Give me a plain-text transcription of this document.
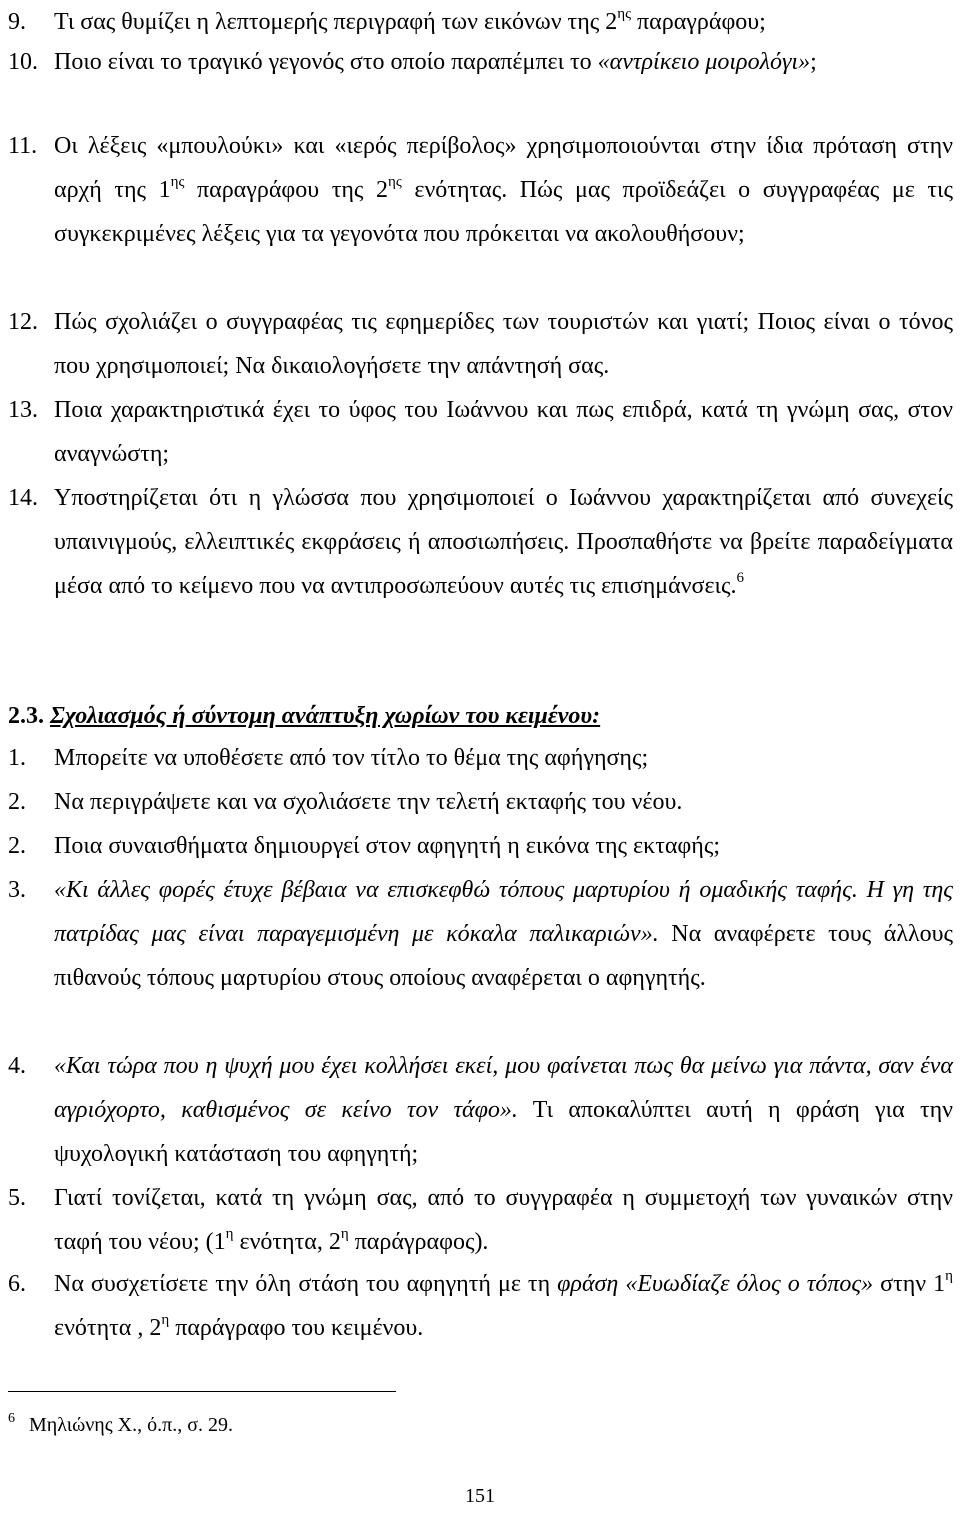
9.	Τι σας θυμίζει η λεπτομερής περιγραφή των εικόνων της $2^{\eta\varsigma}$ παραγράφου;
10. Ποιο είναι το τραγικό γεγονός στο οποίο παραπέμπει το «αντρίκειο μοιρολόγι»;
11. Οι λέξεις «μπουλούκι» και «ιερός περίβολος» χρησιμοποιούνται στην ίδια πρόταση στην αρχή της $1^{\eta\varsigma}$ παραγράφου της $2^{\eta\varsigma}$ ενότητας. Πώς μας προϊδεάζει ο συγγραφέας με τις συγκεκριμένες λέξεις για τα γεγονότα που πρόκειται να ακολουθήσουν;
12. Πώς σχολιάζει ο συγγραφέας τις εφημερίδες των τουριστών και γιατί; Ποιος είναι ο τόνος που χρησιμοποιεί; Να δικαιολογήσετε την απάντησή σας.
13. Ποια χαρακτηριστικά έχει το ύφος του Ιωάννου και πως επιδρά, κατά τη γνώμη σας, στον αναγνώστη;
14. Υποστηρίζεται ότι η γλώσσα που χρησιμοποιεί ο Ιωάννου χαρακτηρίζεται από συνεχείς υπαινιγμούς, ελλειπτικές εκφράσεις ή αποσιωπήσεις. Προσπαθήστε να βρείτε παραδείγματα μέσα από το κείμενο που να αντιπροσωπεύουν αυτές τις επισημάνσεις.$^6$
2.3. Σχολιασμός ή σύντομη ανάπτυξη χωρίων του κειμένου:
1.	Μπορείτε να υποθέσετε από τον τίτλο το θέμα της αφήγησης;
2.	Να περιγράψετε και να σχολιάσετε την τελετή εκταφής του νέου.
2.	Ποια συναισθήματα δημιουργεί στον αφηγητή η εικόνα της εκταφής;
3.	«Κι άλλες φορές έτυχε βέβαια να επισκεφθώ τόπους μαρτυρίου ή ομαδικής ταφής. Η γη της πατρίδας μας είναι παραγεμισμένη με κόκαλα παλικαριών». Να αναφέρετε τους άλλους πιθανούς τόπους μαρτυρίου στους οποίους αναφέρεται ο αφηγητής.
4.	«Και τώρα που η ψυχή μου έχει κολλήσει εκεί, μου φαίνεται πως θα μείνω για πάντα, σαν ένα αγριόχορτο, καθισμένος σε κείνο τον τάφο». Τι αποκαλύπτει αυτή η φράση για την ψυχολογική κατάσταση του αφηγητή;
5.	Γιατί τονίζεται, κατά τη γνώμη σας, από το συγγραφέα η συμμετοχή των γυναικών στην ταφή του νέου; ($1^\eta$ ενότητα, $2^\eta$ παράγραφος).
6.	Να συσχετίσετε την όλη στάση του αφηγητή με τη φράση «Ευωδίαζε όλος ο τόπος» στην $1^\eta$ ενότητα , $2^\eta$ παράγραφο του κειμένου.
$^6$ Μηλιώνης Χ., ό.π., σ. 29.
151
